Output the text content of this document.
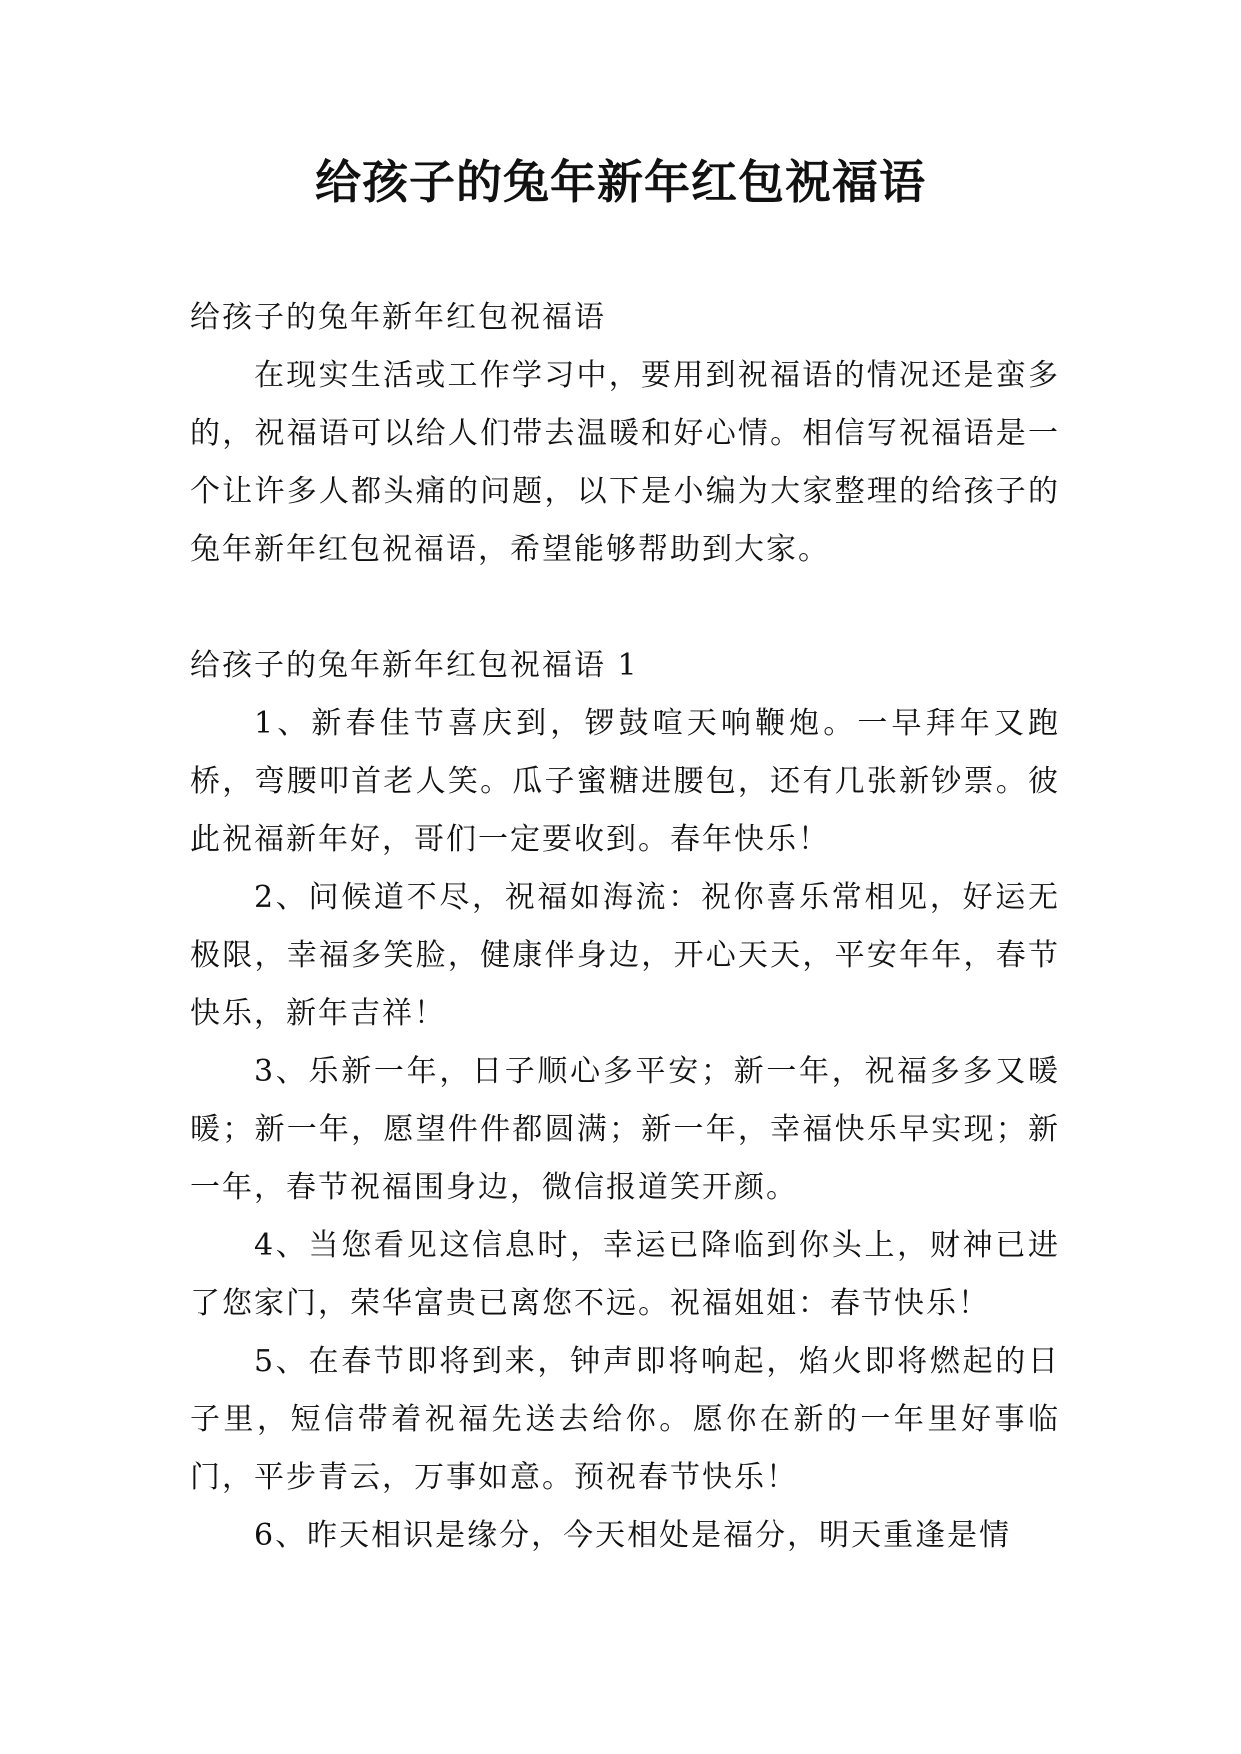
给孩子的兔年新年红包祝福语

给孩子的兔年新年红包祝福语

在现实生活或工作学习中，要用到祝福语的情况还是蛮多的，祝福语可以给人们带去温暖和好心情。相信写祝福语是一个让许多人都头痛的问题，以下是小编为大家整理的给孩子的兔年新年红包祝福语，希望能够帮助到大家。

给孩子的兔年新年红包祝福语 1

1、新春佳节喜庆到，锣鼓喧天响鞭炮。一早拜年又跑桥，弯腰叩首老人笑。瓜子蜜糖进腰包，还有几张新钞票。彼此祝福新年好，哥们一定要收到。春年快乐！

2、问候道不尽，祝福如海流：祝你喜乐常相见，好运无极限，幸福多笑脸，健康伴身边，开心天天，平安年年，春节快乐，新年吉祥！

3、乐新一年，日子顺心多平安；新一年，祝福多多又暖暖；新一年，愿望件件都圆满；新一年，幸福快乐早实现；新一年，春节祝福围身边，微信报道笑开颜。

4、当您看见这信息时，幸运已降临到你头上，财神已进了您家门，荣华富贵已离您不远。祝福姐姐：春节快乐！

5、在春节即将到来，钟声即将响起，焰火即将燃起的日子里，短信带着祝福先送去给你。愿你在新的一年里好事临门，平步青云，万事如意。预祝春节快乐！

6、昨天相识是缘分，今天相处是福分，明天重逢是情
